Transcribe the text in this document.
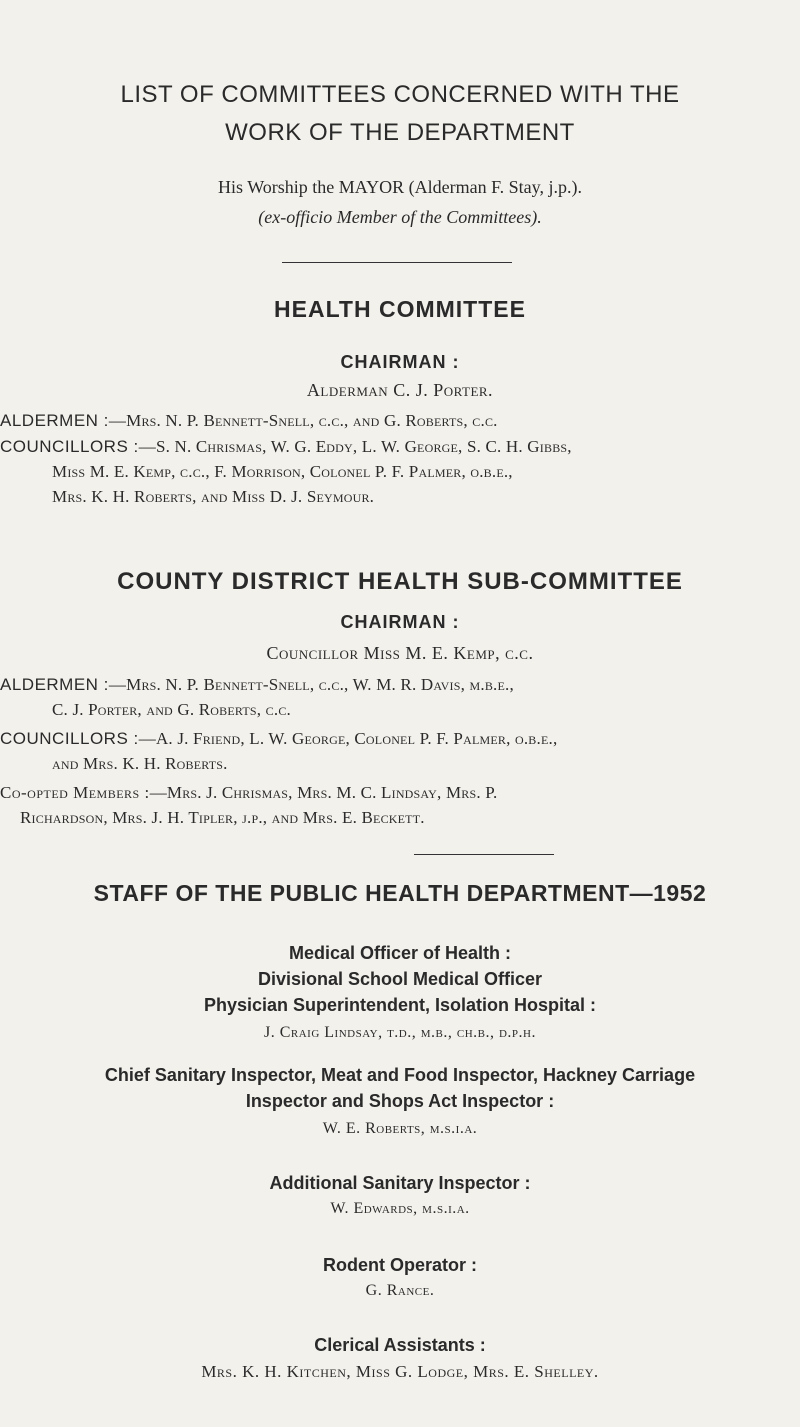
LIST OF COMMITTEES CONCERNED WITH THE
WORK OF THE DEPARTMENT
His Worship the MAYOR (Alderman F. Stay, j.p.).
(ex-officio Member of the Committees).
HEALTH COMMITTEE
CHAIRMAN :
Alderman C. J. Porter.
ALDERMEN :—Mrs. N. P. Bennett-Snell, c.c., and G. Roberts, c.c.
COUNCILLORS :—S. N. Chrismas, W. G. Eddy, L. W. George, S. C. H. Gibbs,
Miss M. E. Kemp, c.c., F. Morrison, Colonel P. F. Palmer, o.b.e.,
Mrs. K. H. Roberts, and Miss D. J. Seymour.
COUNTY DISTRICT HEALTH SUB-COMMITTEE
CHAIRMAN :
Councillor Miss M. E. Kemp, c.c.
ALDERMEN :—Mrs. N. P. Bennett-Snell, c.c., W. M. R. Davis, m.b.e.,
C. J. Porter, and G. Roberts, c.c.
COUNCILLORS :—A. J. Friend, L. W. George, Colonel P. F. Palmer, o.b.e.,
and Mrs. K. H. Roberts.
Co-opted Members :—Mrs. J. Chrismas, Mrs. M. C. Lindsay, Mrs. P.
Richardson, Mrs. J. H. Tipler, j.p., and Mrs. E. Beckett.
STAFF OF THE PUBLIC HEALTH DEPARTMENT—1952
Medical Officer of Health :
Divisional School Medical Officer
Physician Superintendent, Isolation Hospital :
J. Craig Lindsay, t.d., m.b., ch.b., d.p.h.
Chief Sanitary Inspector, Meat and Food Inspector, Hackney Carriage
Inspector and Shops Act Inspector :
W. E. Roberts, m.s.i.a.
Additional Sanitary Inspector :
W. Edwards, m.s.i.a.
Rodent Operator :
G. Rance.
Clerical Assistants :
Mrs. K. H. Kitchen, Miss G. Lodge, Mrs. E. Shelley.
